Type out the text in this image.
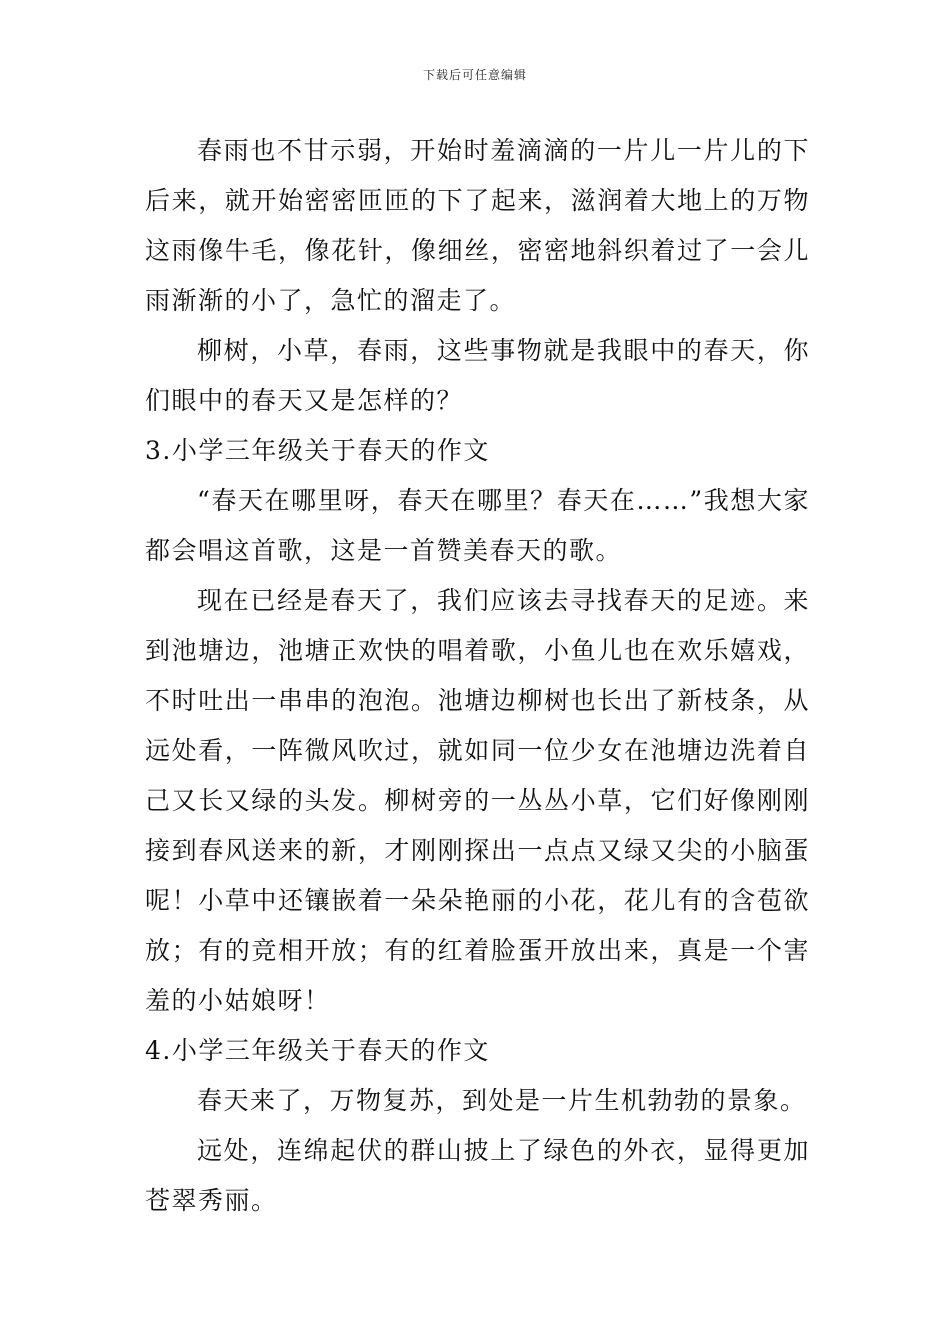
下载后可任意编辑

春雨也不甘示弱，开始时羞滴滴的一片儿一片儿的下后来，就开始密密匝匝的下了起来，滋润着大地上的万物这雨像牛毛，像花针，像细丝，密密地斜织着过了一会儿雨渐渐的小了，急忙的溜走了。

柳树，小草，春雨，这些事物就是我眼中的春天，你们眼中的春天又是怎样的？

3.小学三年级关于春天的作文

“春天在哪里呀，春天在哪里？春天在……”我想大家都会唱这首歌，这是一首赞美春天的歌。

现在已经是春天了，我们应该去寻找春天的足迹。来到池塘边，池塘正欢快的唱着歌，小鱼儿也在欢乐嬉戏，不时吐出一串串的泡泡。池塘边柳树也长出了新枝条，从远处看，一阵微风吹过，就如同一位少女在池塘边洗着自己又长又绿的头发。柳树旁的一丛丛小草，它们好像刚刚接到春风送来的新，才刚刚探出一点点又绿又尖的小脑蛋呢！小草中还镶嵌着一朵朵艳丽的小花，花儿有的含苞欲放；有的竞相开放；有的红着脸蛋开放出来，真是一个害羞的小姑娘呀！

4.小学三年级关于春天的作文

春天来了，万物复苏，到处是一片生机勃勃的景象。

远处，连绵起伏的群山披上了绿色的外衣，显得更加苍翠秀丽。
